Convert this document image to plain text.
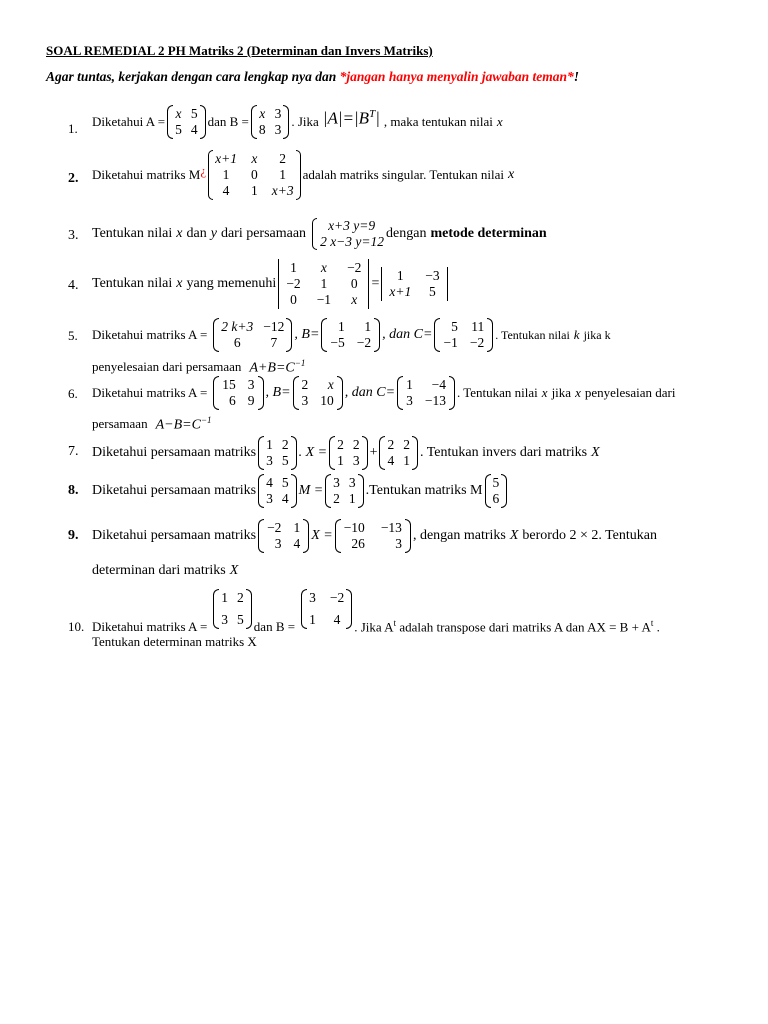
SOAL REMEDIAL 2 PH Matriks 2 (Determinan dan Invers Matriks)
Agar tuntas, kerjakan dengan cara lengkap nya dan *jangan hanya menyalin jawaban teman*!
1. Diketahui A =
x 5
5 4
dan B =
x 3
8 3
. Jika $|A|=|B^T|$ , maka tentukan nilai x
2. Diketahui matriks M ¿
x+1 x	2
1	0	1
4	1 x+3
adalah matriks singular. Tentukan nilai x
3. Tentukan nilai x dan y dari persamaan
x+3 y=9
2 x−3 y=12
dengan metode determinan
4. Tentukan nilai x yang memenuhi
1	x	−2
−2 1 0
0 −1	x
=
1	−3
x+1 5
5. Diketahui matriks A =
2 k+3 −12
6	7
, B=
1	1
−5 −2
, dan C=
5 11
−1 −2
. Tentukan nilai k jika k
penyelesaian dari persamaan $A+B=C^{-1}$
6. Diketahui matriks A =
15 3
6 9
, B=
2	x
3 10
, dan C=
1	−4
3 −13
. Tentukan nilai x jika x penyelesaian dari
persamaan $A-B=C^{-1}$
7. Diketahui persamaan matriks
1 2
3 5
. X =
2 2
1 3
+
2 2
4 1
. Tentukan invers dari matriks X
8. Diketahui persamaan matriks
4 5
3 4
M =
3 3
2 1
.Tentukan matriks M
5
6
9. Diketahui persamaan matriks
−2 1
3 4
X =
−10 −13
26	3
, dengan matriks X berordo 2 × 2. Tentukan
determinan dari matriks X
10. Diketahui matriks A =
1 2
3 5 dan B =
3 −2
1 4 . Jika $A^t$ adalah transpose dari matriks A dan AX = $B + A^t$ .
Tentukan determinan matriks X
